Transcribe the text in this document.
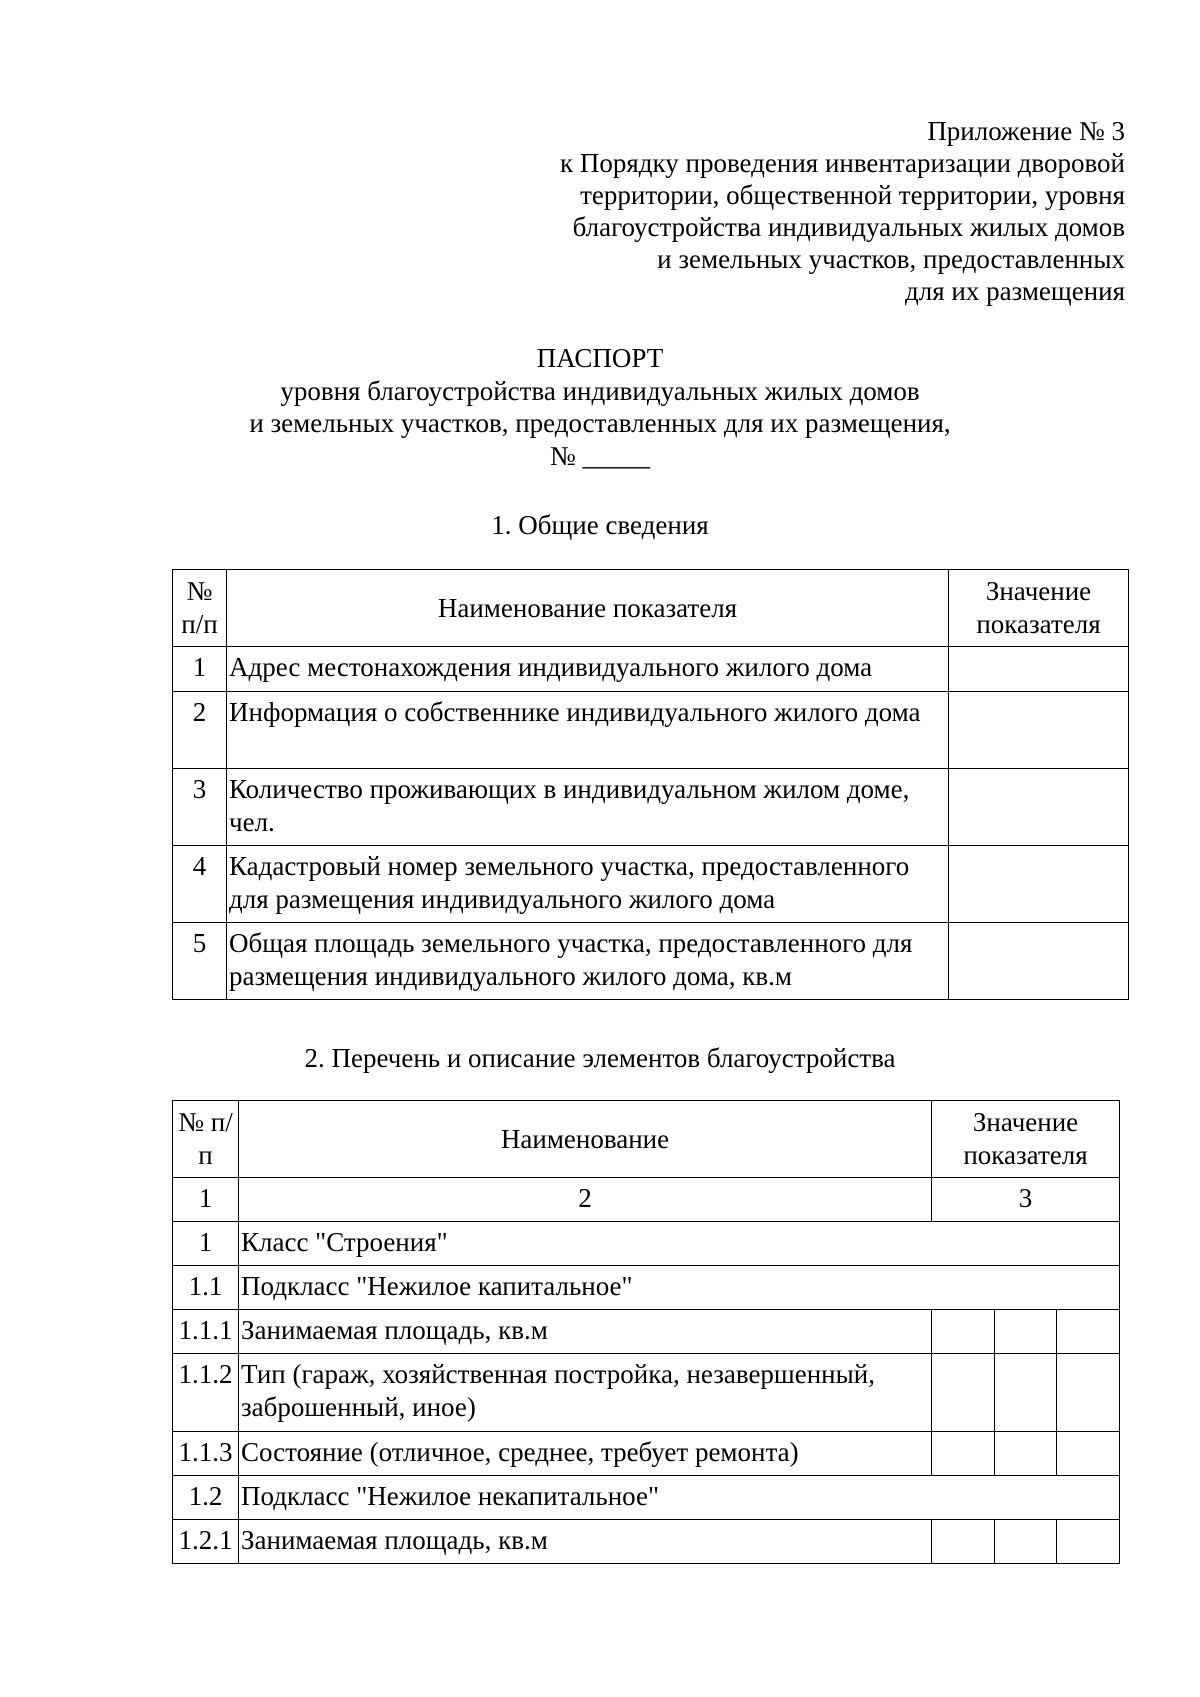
Приложение № 3
к Порядку проведения инвентаризации дворовой
территории, общественной территории, уровня
благоустройства индивидуальных жилых домов
и земельных участков, предоставленных
для их размещения
ПАСПОРТ
уровня благоустройства индивидуальных жилых домов
и земельных участков, предоставленных для их размещения,
№ _____
1. Общие сведения
№ п/п	Наименование показателя	Значение показателя
1	Адрес местонахождения индивидуального жилого дома	
2	Информация о собственнике индивидуального жилого дома	
3	Количество проживающих в индивидуальном жилом доме, чел.	
4	Кадастровый номер земельного участка, предоставленного для размещения индивидуального жилого дома	
5	Общая площадь земельного участка, предоставленного для размещения индивидуального жилого дома, кв.м	
2. Перечень и описание элементов благоустройства
№ п/п	Наименование	Значение показателя		
1	2	3		
1	Класс "Строения"			
1.1	Подкласс "Нежилое капитальное"			
1.1.1	Занимаемая площадь, кв.м			
1.1.2	Тип (гараж, хозяйственная постройка, незавершенный, заброшенный, иное)			
1.1.3	Состояние (отличное, среднее, требует ремонта)			
1.2	Подкласс "Нежилое некапитальное"			
1.2.1	Занимаемая площадь, кв.м			
